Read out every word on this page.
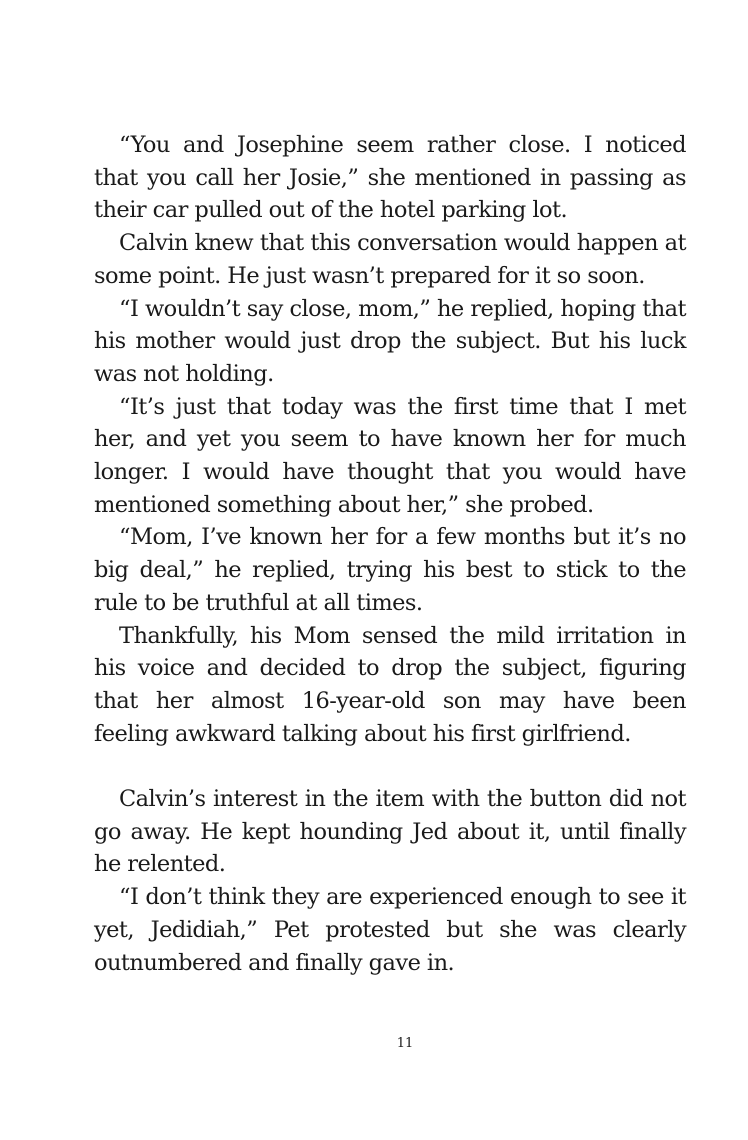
“You and Josephine seem rather close. I noticed that you call her Josie,” she mentioned in passing as their car pulled out of the hotel parking lot.

Calvin knew that this conversation would happen at some point. He just wasn’t prepared for it so soon.

“I wouldn’t say close, mom,” he replied, hoping that his mother would just drop the subject. But his luck was not holding.

“It’s just that today was the first time that I met her, and yet you seem to have known her for much longer. I would have thought that you would have mentioned something about her,” she probed.

“Mom, I’ve known her for a few months but it’s no big deal,” he replied, trying his best to stick to the rule to be truthful at all times.

Thankfully, his Mom sensed the mild irritation in his voice and decided to drop the subject, figuring that her almost 16-year-old son may have been feeling awkward talking about his first girlfriend.

Calvin’s interest in the item with the button did not go away. He kept hounding Jed about it, until finally he relented.

“I don’t think they are experienced enough to see it yet, Jedidiah,” Pet protested but she was clearly outnumbered and finally gave in.

11
